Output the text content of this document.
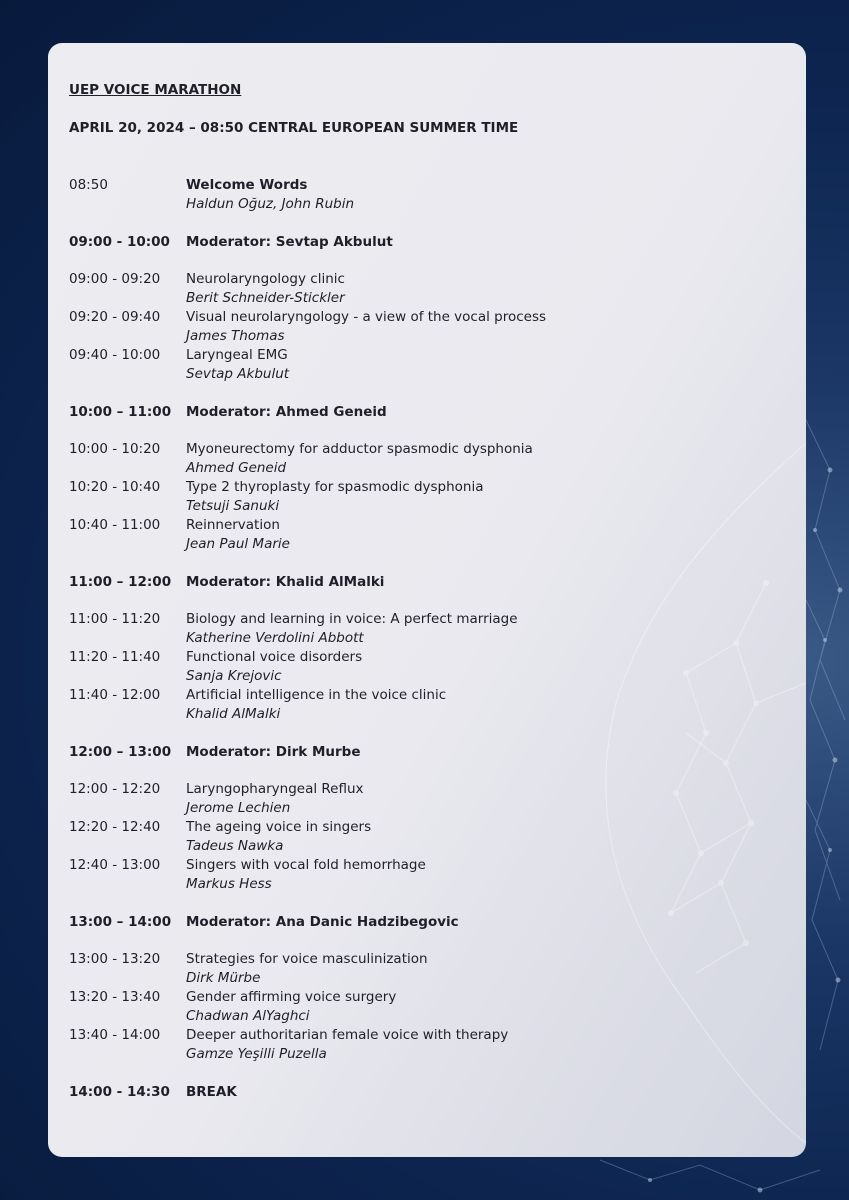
UEP VOICE MARATHON
APRIL 20, 2024 – 08:50 CENTRAL EUROPEAN SUMMER TIME
08:50	Welcome Words
Haldun Oğuz, John Rubin
09:00 - 10:00	Moderator: Sevtap Akbulut
09:00 - 09:20	Neurolaryngology clinic
Berit Schneider-Stickler
09:20 - 09:40	Visual neurolaryngology - a view of the vocal process
James Thomas
09:40 - 10:00	Laryngeal EMG
Sevtap Akbulut
10:00 – 11:00	Moderator: Ahmed Geneid
10:00 - 10:20	Myoneurectomy for adductor spasmodic dysphonia
Ahmed Geneid
10:20 - 10:40	Type 2 thyroplasty for spasmodic dysphonia
Tetsuji Sanuki
10:40 - 11:00	Reinnervation
Jean Paul Marie
11:00 – 12:00	Moderator: Khalid AlMalki
11:00 - 11:20	Biology and learning in voice: A perfect marriage
Katherine Verdolini Abbott
11:20 - 11:40	Functional voice disorders
Sanja Krejovic
11:40 - 12:00	Artificial intelligence in the voice clinic
Khalid AlMalki
12:00 – 13:00	Moderator: Dirk Murbe
12:00 - 12:20	Laryngopharyngeal Reflux
Jerome Lechien
12:20 - 12:40	The ageing voice in singers
Tadeus Nawka
12:40 - 13:00	Singers with vocal fold hemorrhage
Markus Hess
13:00 – 14:00	Moderator: Ana Danic Hadzibegovic
13:00 - 13:20	Strategies for voice masculinization
Dirk Mürbe
13:20 - 13:40	Gender affirming voice surgery
Chadwan AlYaghci
13:40 - 14:00	Deeper authoritarian female voice with therapy
Gamze Yeşilli Puzella
14:00 - 14:30	BREAK
